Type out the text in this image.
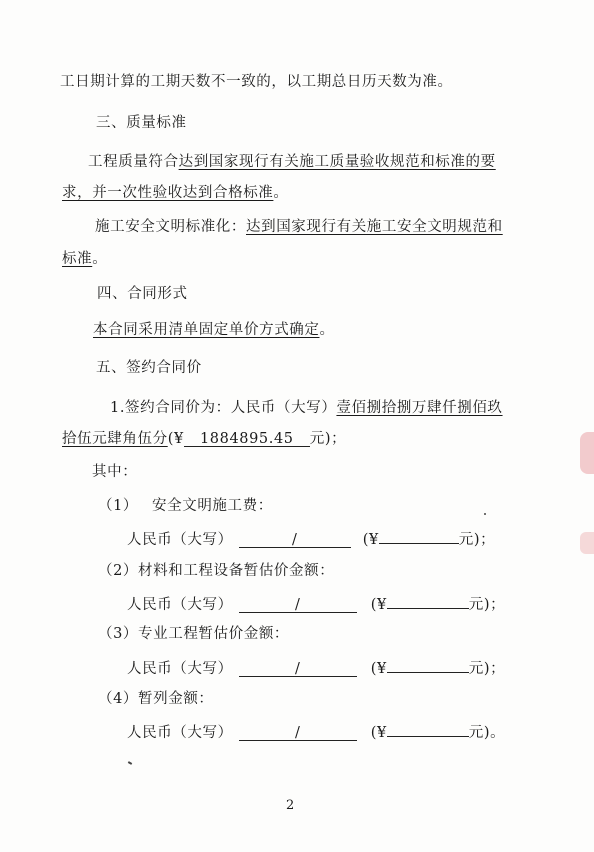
工日期计算的工期天数不一致的，以工期总日历天数为准。
三、质量标准
工程质量符合达到国家现行有关施工质量验收规范和标准的要
求，并一次性验收达到合格标准。
施工安全文明标准化：达到国家现行有关施工安全文明规范和
标准。
四、合同形式
本合同采用清单固定单价方式确定。
五、签约合同价
1.签约合同价为：人民币（大写）壹佰捌拾捌万肆仟捌佰玖
拾伍元肆角伍分(¥ 1884895.45 元)；
其中：
（1） 安全文明施工费：
人民币（大写）	/	(¥	元)；
（2）材料和工程设备暂估价金额：
人民币（大写）	/	(¥	元)；
（3）专业工程暂估价金额：
人民币（大写）	/	(¥	元)；
（4）暂列金额：
人民币（大写）	/	(¥	元)。
2
